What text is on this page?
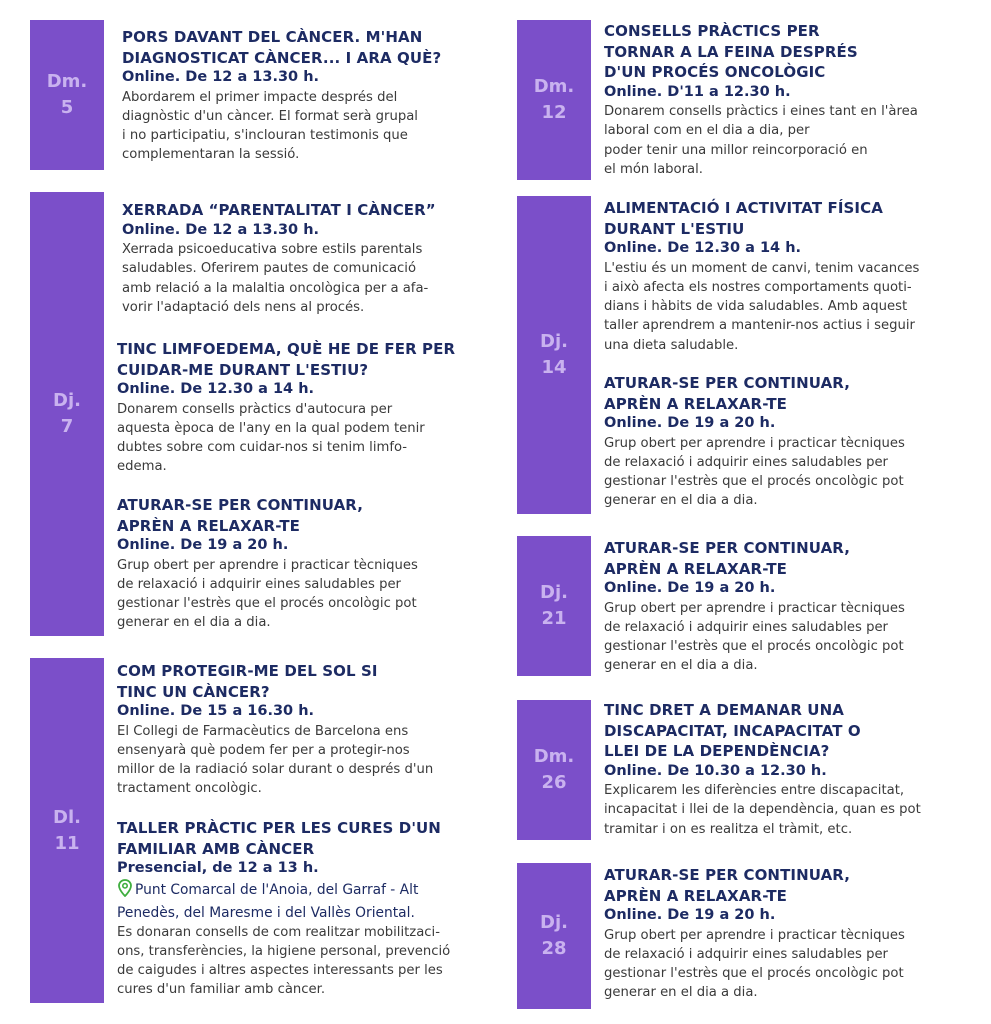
Dm.
5
PORS DAVANT DEL CÀNCER. M'HAN
DIAGNOSTICAT CÀNCER... I ARA QUÈ?
Online. De 12 a 13.30 h.
Abordarem el primer impacte després del
diagnòstic d'un càncer. El format serà grupal
i no participatiu, s'inclouran testimonis que
complementaran la sessió.
Dj.
7
XERRADA “PARENTALITAT I CÀNCER”
Online. De 12 a 13.30 h.
Xerrada psicoeducativa sobre estils parentals
saludables. Oferirem pautes de comunicació
amb relació a la malaltia oncològica per a afa-
vorir l'adaptació dels nens al procés.
TINC LIMFOEDEMA, QUÈ HE DE FER PER
CUIDAR-ME DURANT L'ESTIU?
Online. De 12.30 a 14 h.
Donarem consells pràctics d'autocura per
aquesta època de l'any en la qual podem tenir
dubtes sobre com cuidar-nos si tenim limfo-
edema.
ATURAR-SE PER CONTINUAR,
APRÈN A RELAXAR-TE
Online. De 19 a 20 h.
Grup obert per aprendre i practicar tècniques
de relaxació i adquirir eines saludables per
gestionar l'estrès que el procés oncològic pot
generar en el dia a dia.
Dl.
11
COM PROTEGIR-ME DEL SOL SI
TINC UN CÀNCER?
Online. De 15 a 16.30 h.
El Collegi de Farmacèutics de Barcelona ens
ensenyarà què podem fer per a protegir-nos
millor de la radiació solar durant o després d'un
tractament oncològic.
TALLER PRÀCTIC PER LES CURES D'UN
FAMILIAR AMB CÀNCER
Presencial, de 12 a 13 h.
Punt Comarcal de l'Anoia, del Garraf - Alt
Penedès, del Maresme i del Vallès Oriental.
Es donaran consells de com realitzar mobilitzaci-
ons, transferències, la higiene personal, prevenció
de caigudes i altres aspectes interessants per les
cures d'un familiar amb càncer.
Dm.
12
CONSELLS PRÀCTICS PER
TORNAR A LA FEINA DESPRÉS
D'UN PROCÉS ONCOLÒGIC
Online. D'11 a 12.30 h.
Donarem consells pràctics i eines tant en l'àrea
laboral com en el dia a dia, per
poder tenir una millor reincorporació en
el món laboral.
Dj.
14
ALIMENTACIÓ I ACTIVITAT FÍSICA
DURANT L'ESTIU
Online. De 12.30 a 14 h.
L'estiu és un moment de canvi, tenim vacances
i això afecta els nostres comportaments quoti-
dians i hàbits de vida saludables. Amb aquest
taller aprendrem a mantenir-nos actius i seguir
una dieta saludable.
ATURAR-SE PER CONTINUAR,
APRÈN A RELAXAR-TE
Online. De 19 a 20 h.
Grup obert per aprendre i practicar tècniques
de relaxació i adquirir eines saludables per
gestionar l'estrès que el procés oncològic pot
generar en el dia a dia.
Dj.
21
ATURAR-SE PER CONTINUAR,
APRÈN A RELAXAR-TE
Online. De 19 a 20 h.
Grup obert per aprendre i practicar tècniques
de relaxació i adquirir eines saludables per
gestionar l'estrès que el procés oncològic pot
generar en el dia a dia.
Dm.
26
TINC DRET A DEMANAR UNA
DISCAPACITAT, INCAPACITAT O
LLEI DE LA DEPENDÈNCIA?
Online. De 10.30 a 12.30 h.
Explicarem les diferències entre discapacitat,
incapacitat i llei de la dependència, quan es pot
tramitar i on es realitza el tràmit, etc.
Dj.
28
ATURAR-SE PER CONTINUAR,
APRÈN A RELAXAR-TE
Online. De 19 a 20 h.
Grup obert per aprendre i practicar tècniques
de relaxació i adquirir eines saludables per
gestionar l'estrès que el procés oncològic pot
generar en el dia a dia.
